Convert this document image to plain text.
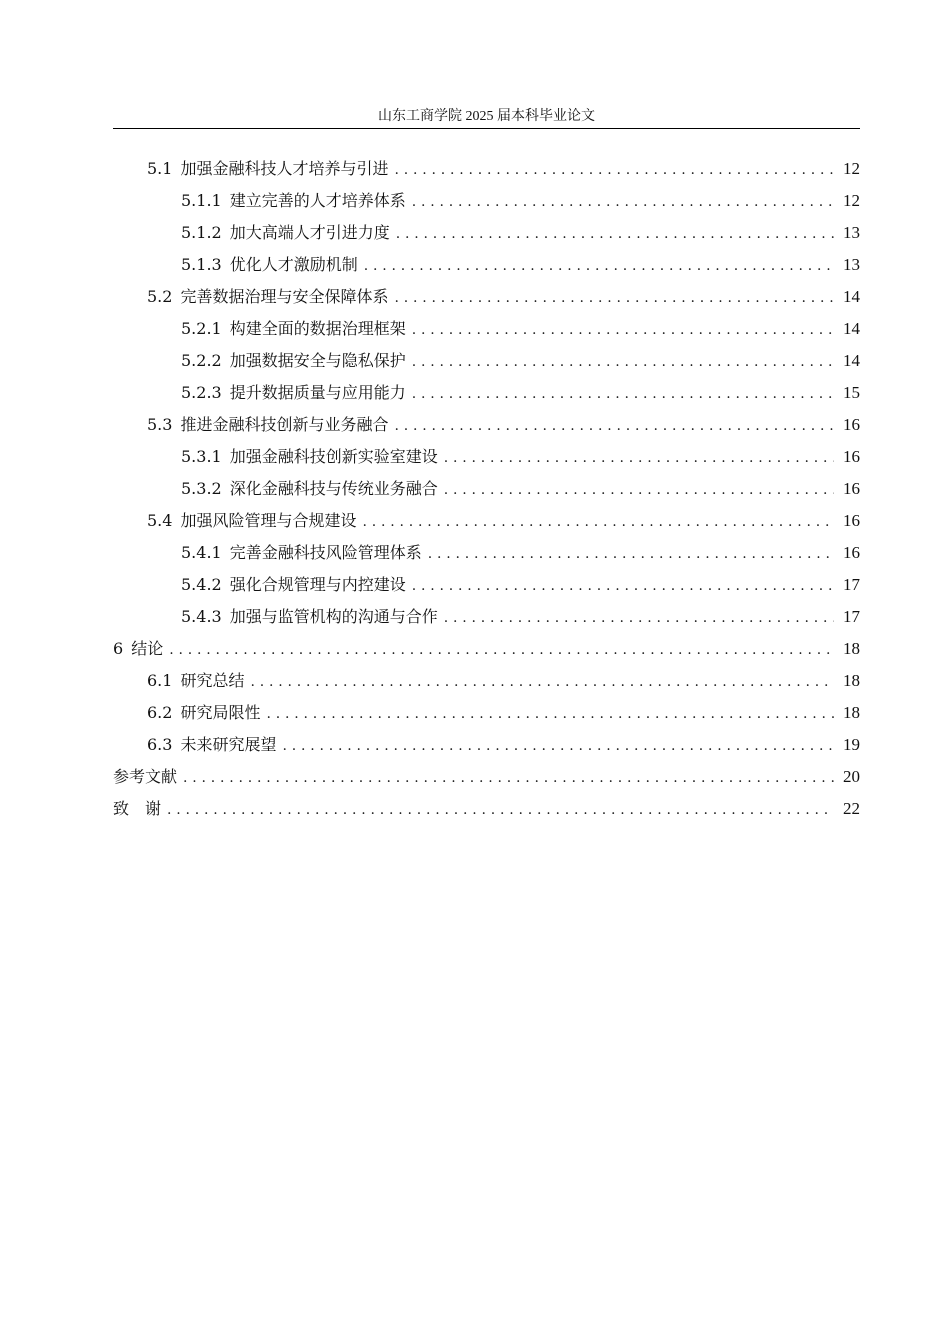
山东工商学院 2025 届本科毕业论文
5.1 加强金融科技人才培养与引进 .....	12
5.1.1 建立完善的人才培养体系 .....	12
5.1.2 加大高端人才引进力度 .....	13
5.1.3 优化人才激励机制 .....	13
5.2 完善数据治理与安全保障体系 .....	14
5.2.1 构建全面的数据治理框架 .....	14
5.2.2 加强数据安全与隐私保护 .....	14
5.2.3 提升数据质量与应用能力 .....	15
5.3 推进金融科技创新与业务融合 .....	16
5.3.1 加强金融科技创新实验室建设 .....	16
5.3.2 深化金融科技与传统业务融合 .....	16
5.4 加强风险管理与合规建设 .....	16
5.4.1 完善金融科技风险管理体系 .....	16
5.4.2 强化合规管理与内控建设 .....	17
5.4.3 加强与监管机构的沟通与合作 .....	17
6 结论 .....	18
6.1 研究总结 .....	18
6.2 研究局限性 .....	18
6.3 未来研究展望 .....	19
参考文献 .....	20
致　谢 .....	22
